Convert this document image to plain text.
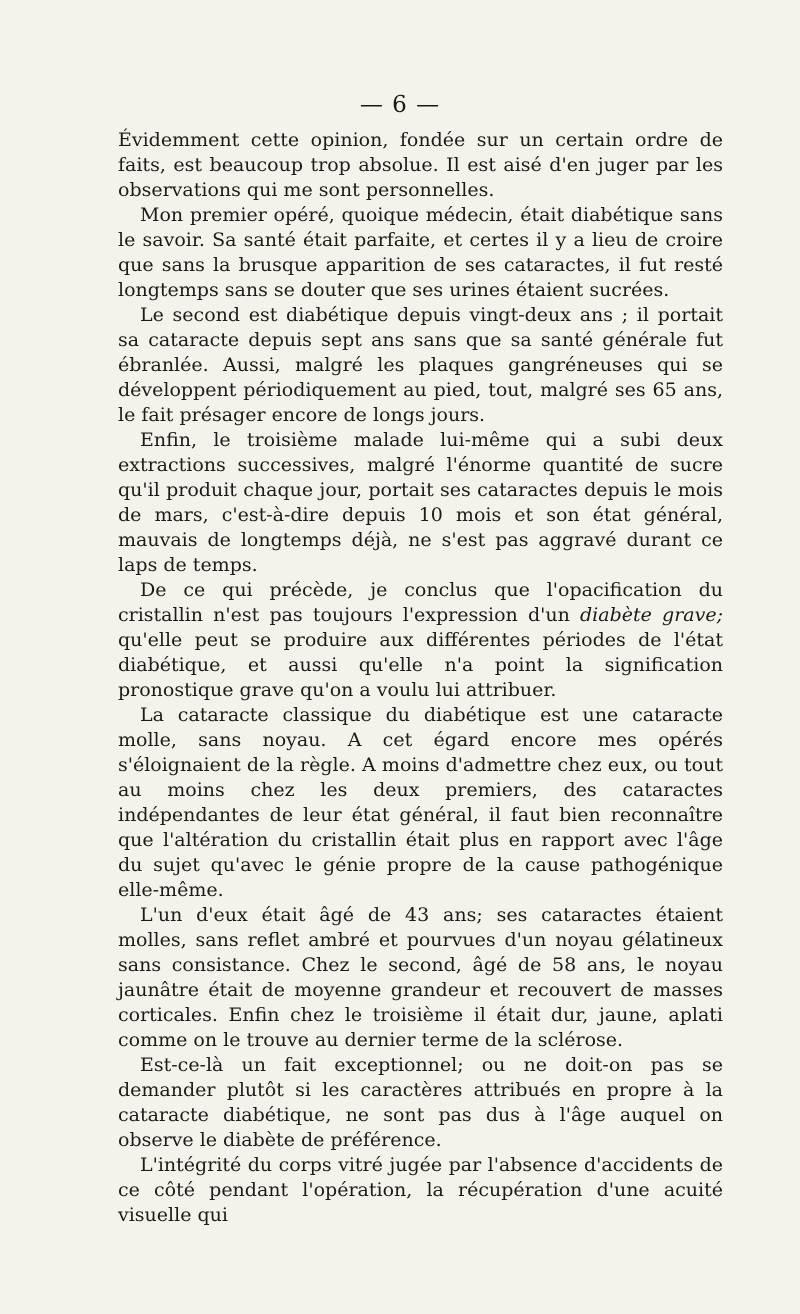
— 6 —

Évidemment cette opinion, fondée sur un certain ordre de faits, est beaucoup trop absolue. Il est aisé d'en juger par les observations qui me sont personnelles.

Mon premier opéré, quoique médecin, était diabétique sans le savoir. Sa santé était parfaite, et certes il y a lieu de croire que sans la brusque apparition de ses cataractes, il fut resté longtemps sans se douter que ses urines étaient sucrées.

Le second est diabétique depuis vingt-deux ans ; il portait sa cataracte depuis sept ans sans que sa santé générale fut ébranlée. Aussi, malgré les plaques gangréneuses qui se développent périodiquement au pied, tout, malgré ses 65 ans, le fait présager encore de longs jours.

Enfin, le troisième malade lui-même qui a subi deux extractions successives, malgré l'énorme quantité de sucre qu'il produit chaque jour, portait ses cataractes depuis le mois de mars, c'est-à-dire depuis 10 mois et son état général, mauvais de longtemps déjà, ne s'est pas aggravé durant ce laps de temps.

De ce qui précède, je conclus que l'opacification du cristallin n'est pas toujours l'expression d'un diabète grave; qu'elle peut se produire aux différentes périodes de l'état diabétique, et aussi qu'elle n'a point la signification pronostique grave qu'on a voulu lui attribuer.

La cataracte classique du diabétique est une cataracte molle, sans noyau. A cet égard encore mes opérés s'éloignaient de la règle. A moins d'admettre chez eux, ou tout au moins chez les deux premiers, des cataractes indépendantes de leur état général, il faut bien reconnaître que l'altération du cristallin était plus en rapport avec l'âge du sujet qu'avec le génie propre de la cause pathogénique elle-même.

L'un d'eux était âgé de 43 ans; ses cataractes étaient molles, sans reflet ambré et pourvues d'un noyau gélatineux sans consistance. Chez le second, âgé de 58 ans, le noyau jaunâtre était de moyenne grandeur et recouvert de masses corticales. Enfin chez le troisième il était dur, jaune, aplati comme on le trouve au dernier terme de la sclérose.

Est-ce-là un fait exceptionnel; ou ne doit-on pas se demander plutôt si les caractères attribués en propre à la cataracte diabétique, ne sont pas dus à l'âge auquel on observe le diabète de préférence.

L'intégrité du corps vitré jugée par l'absence d'accidents de ce côté pendant l'opération, la récupération d'une acuité visuelle qui
